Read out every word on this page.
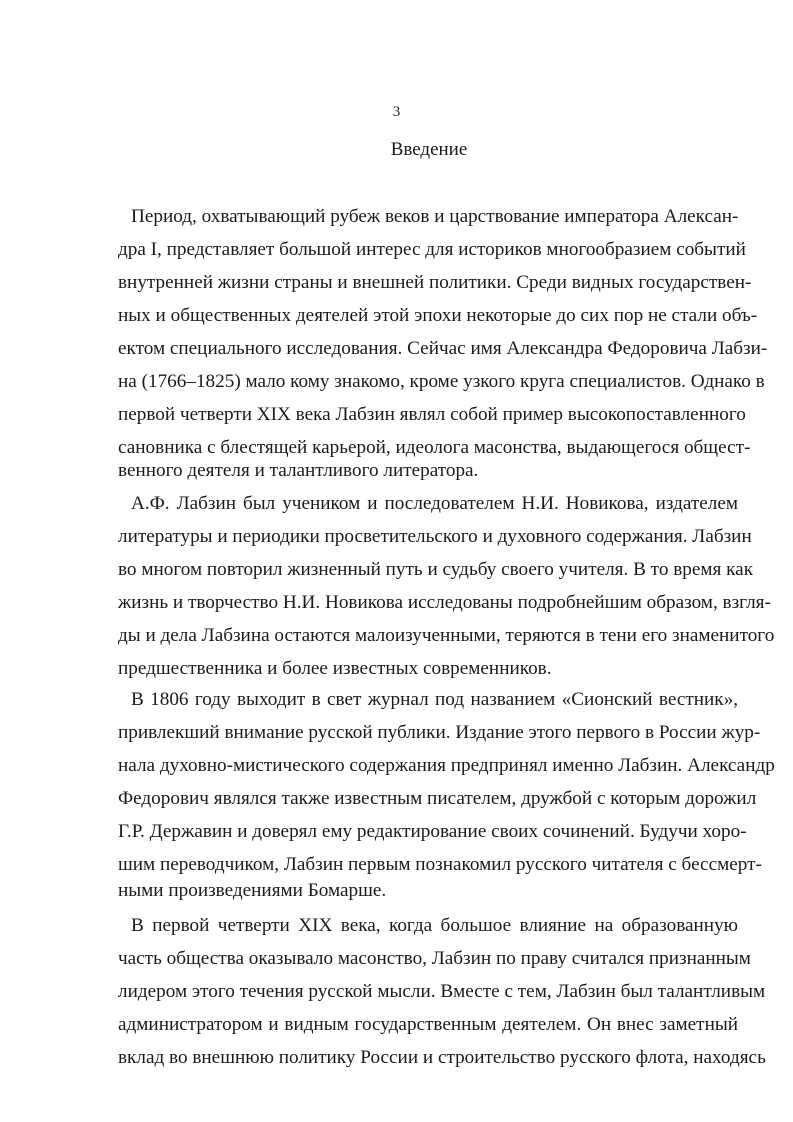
3
Введение
Период, охватывающий рубеж веков и царствование императора Алексан-
дра I, представляет большой интерес для историков многообразием событий
внутренней жизни страны и внешней политики. Среди видных государствен-
ных и общественных деятелей этой эпохи некоторые до сих пор не стали объ-
ектом специального исследования. Сейчас имя Александра Федоровича Лабзи-
на (1766–1825) мало кому знакомо, кроме узкого круга специалистов. Однако в
первой четверти XIX века Лабзин являл собой пример высокопоставленного
сановника с блестящей карьерой, идеолога масонства, выдающегося общест-
венного деятеля и талантливого литератора.
А.Ф. Лабзин был учеником и последователем Н.И. Новикова, издателем
литературы и периодики просветительского и духовного содержания. Лабзин
во многом повторил жизненный путь и судьбу своего учителя. В то время как
жизнь и творчество Н.И. Новикова исследованы подробнейшим образом, взгля-
ды и дела Лабзина остаются малоизученными, теряются в тени его знаменитого
предшественника и более известных современников.
В 1806 году выходит в свет журнал под названием «Сионский вестник»,
привлекший внимание русской публики. Издание этого первого в России жур-
нала духовно-мистического содержания предпринял именно Лабзин. Александр
Федорович являлся также известным писателем, дружбой с которым дорожил
Г.Р. Державин и доверял ему редактирование своих сочинений. Будучи хоро-
шим переводчиком, Лабзин первым познакомил русского читателя с бессмерт-
ными произведениями Бомарше.
В первой четверти XIX века, когда большое влияние на образованную
часть общества оказывало масонство, Лабзин по праву считался признанным
лидером этого течения русской мысли. Вместе с тем, Лабзин был талантливым
администратором и видным государственным деятелем. Он внес заметный
вклад во внешнюю политику России и строительство русского флота, находясь
